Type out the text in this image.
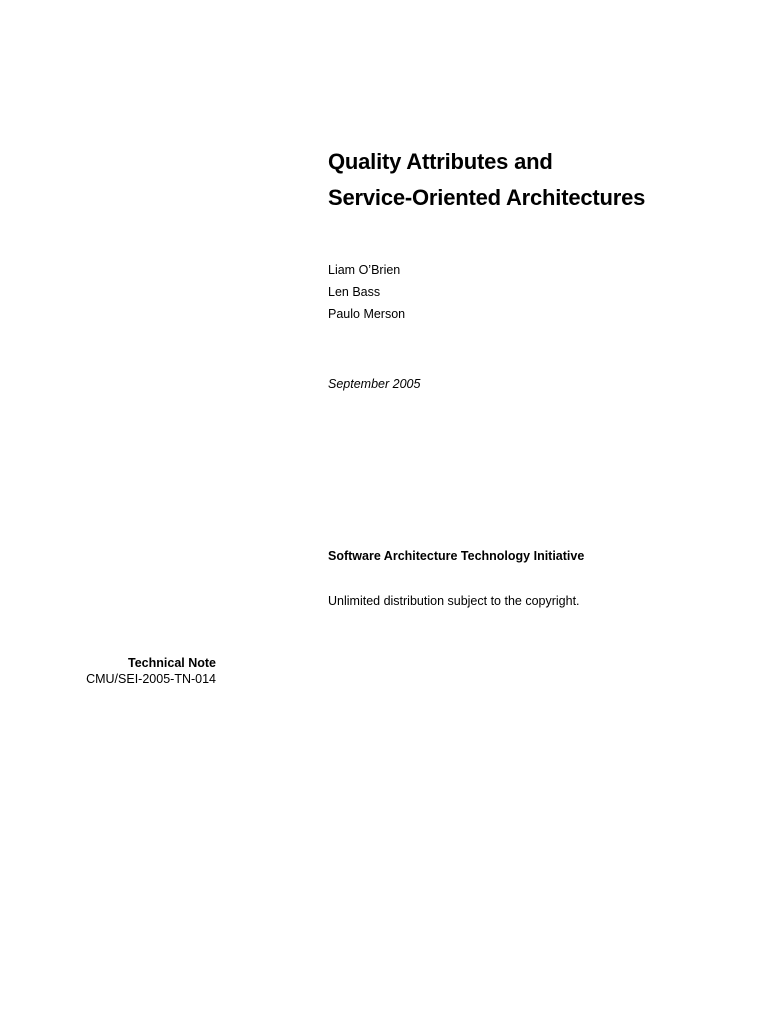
Quality Attributes and

Service-Oriented Architectures

Liam O’Brien

Len Bass

Paulo Merson

September 2005
Software Architecture Technology Initiative
Unlimited distribution subject to the copyright.

Technical Note

CMU/SEI-2005-TN-014
